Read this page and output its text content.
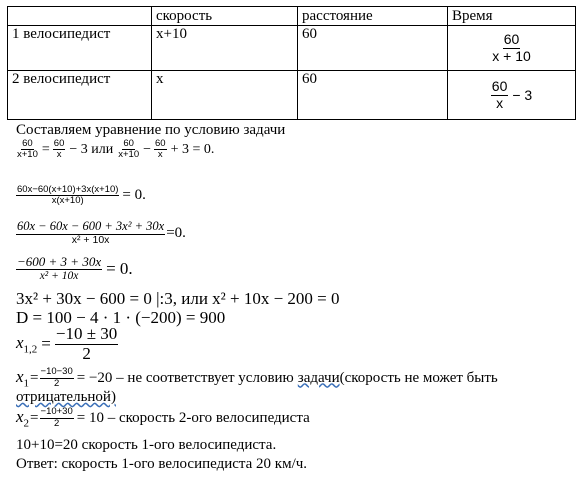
	скорость	расстояние	Время
1 велосипедист	x+10	60	$\frac{60}{x + 10}$

2 велосипедист	x	60	$\frac{60}{x} - 3$
Составляем уравнение по условию задачи
$\frac{60}{x+10} = \frac{60}{x} - 3$ или $\frac{60}{x+10} - \frac{60}{x} + 3 = 0$.
$\frac{60x-60(x+10)+3x(x+10)}{x(x+10)} = 0$.
$\frac{\text{60x − 60x − 600 + 3x² + 30x}}{\text{x² + 10x}} =0$.
$\frac{-600 + 3 + 30x}{\text{x² + 10x}} = 0$.
3x² + 30x − 600 = 0 |:3, или x² + 10x − 200 = 0
D = 100 − 4 · 1 · (−200) = 900
$x_{1,2} = \frac{-10 \pm 30}{2}$
$x_1 = \frac{-10-30}{2} = -20$ – не соответствует условию задачи (скорость не может быть
отрицательной)
$x_2 = \frac{-10+30}{2} = 10$ – скорость 2-ого велосипедиста
10+10=20 скорость 1-ого велосипедиста.
Ответ: скорость 1-ого велосипедиста 20 км/ч.
